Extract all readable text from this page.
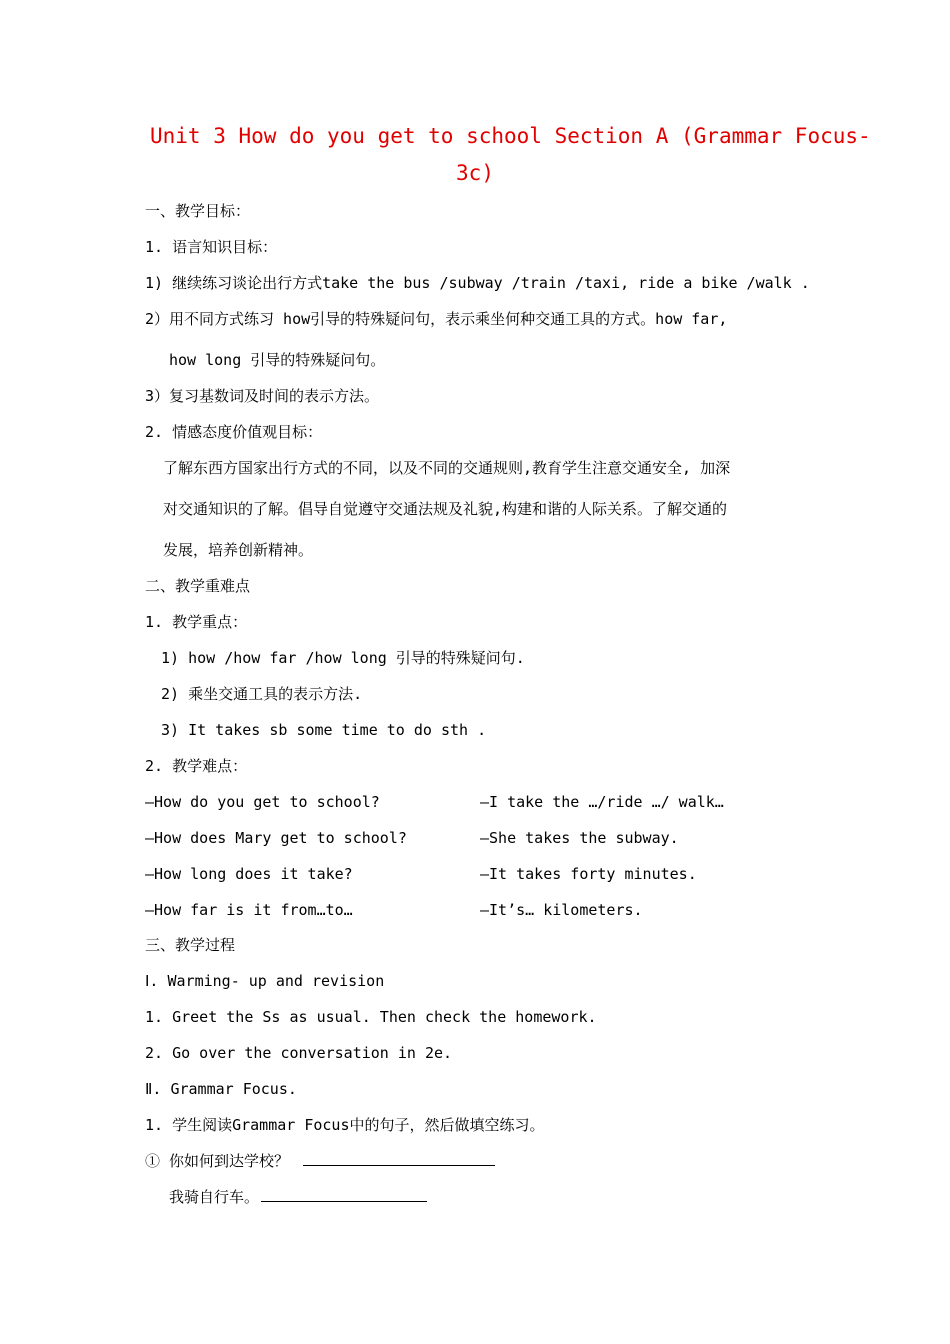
Unit 3 How do you get to school Section A (Grammar Focus-
3c)
一、教学目标：
1. 语言知识目标：
1) 继续练习谈论出行方式take the bus /subway /train /taxi, ride a bike /walk .
2）用不同方式练习 how引导的特殊疑问句，表示乘坐何种交通工具的方式。how far,
how long 引导的特殊疑问句。
3）复习基数词及时间的表示方法。
2. 情感态度价值观目标：
了解东西方国家出行方式的不同，以及不同的交通规则,教育学生注意交通安全, 加深
对交通知识的了解。倡导自觉遵守交通法规及礼貌,构建和谐的人际关系。了解交通的
发展，培养创新精神。
二、教学重难点
1. 教学重点：
1) how /how far /how long 引导的特殊疑问句.
2) 乘坐交通工具的表示方法.
3) It takes sb some time to do sth .
2. 教学难点：
—How do you get to school?	—I take the …/ride …/ walk…
—How does Mary get to school?	—She takes the subway.
—How long does it take?	—It takes forty minutes.
—How far is it from…to…	—It’s… kilometers.
三、教学过程
Ⅰ. Warming- up and revision
1. Greet the Ss as usual. Then check the homework.
2. Go over the conversation in 2e.
Ⅱ. Grammar Focus.
1. 学生阅读Grammar Focus中的句子，然后做填空练习。
① 你如何到达学校？
我骑自行车。
